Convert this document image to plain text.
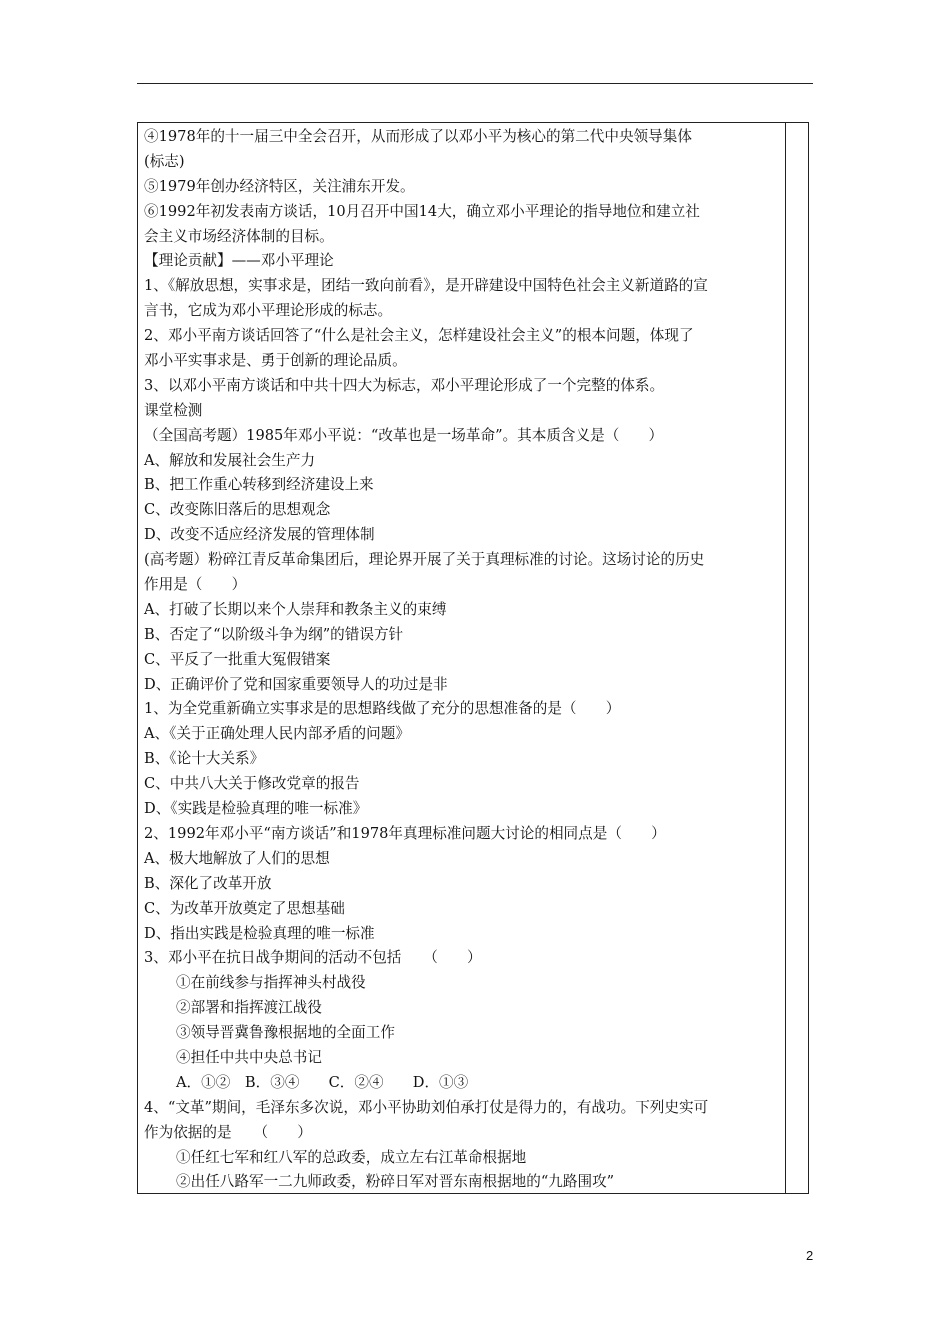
④1978年的十一届三中全会召开，从而形成了以邓小平为核心的第二代中央领导集体
(标志)
⑤1979年创办经济特区，关注浦东开发。
⑥1992年初发表南方谈话，10月召开中国14大，确立邓小平理论的指导地位和建立社
会主义市场经济体制的目标。
【理论贡献】——邓小平理论
1、《解放思想，实事求是，团结一致向前看》，是开辟建设中国特色社会主义新道路的宣
言书，它成为邓小平理论形成的标志。
2、邓小平南方谈话回答了“什么是社会主义，怎样建设社会主义”的根本问题，体现了
邓小平实事求是、勇于创新的理论品质。
3、以邓小平南方谈话和中共十四大为标志，邓小平理论形成了一个完整的体系。
课堂检测
（全国高考题）1985年邓小平说：“改革也是一场革命”。其本质含义是（　　）
A、解放和发展社会生产力
B、把工作重心转移到经济建设上来
C、改变陈旧落后的思想观念
D、改变不适应经济发展的管理体制
(高考题）粉碎江青反革命集团后，理论界开展了关于真理标准的讨论。这场讨论的历史
作用是（　　）
A、打破了长期以来个人崇拜和教条主义的束缚
B、否定了“以阶级斗争为纲”的错误方针
C、平反了一批重大冤假错案
D、正确评价了党和国家重要领导人的功过是非
1、为全党重新确立实事求是的思想路线做了充分的思想准备的是（　　）
A、《关于正确处理人民内部矛盾的问题》
B、《论十大关系》
C、中共八大关于修改党章的报告
D、《实践是检验真理的唯一标准》
2、1992年邓小平“南方谈话”和1978年真理标准问题大讨论的相同点是（　　）
A、极大地解放了人们的思想
B、深化了改革开放
C、为改革开放奠定了思想基础
D、指出实践是检验真理的唯一标准
3、邓小平在抗日战争期间的活动不包括　　（　　）
①在前线参与指挥神头村战役
②部署和指挥渡江战役
③领导晋冀鲁豫根据地的全面工作
④担任中共中央总书记
A．①②　B．③④　　C．②④　　D．①③
4、“文革”期间，毛泽东多次说，邓小平协助刘伯承打仗是得力的，有战功。下列史实可
作为依据的是　　（　　）
①任红七军和红八军的总政委，成立左右江革命根据地
②出任八路军一二九师政委，粉碎日军对晋东南根据地的“九路围攻”
2
